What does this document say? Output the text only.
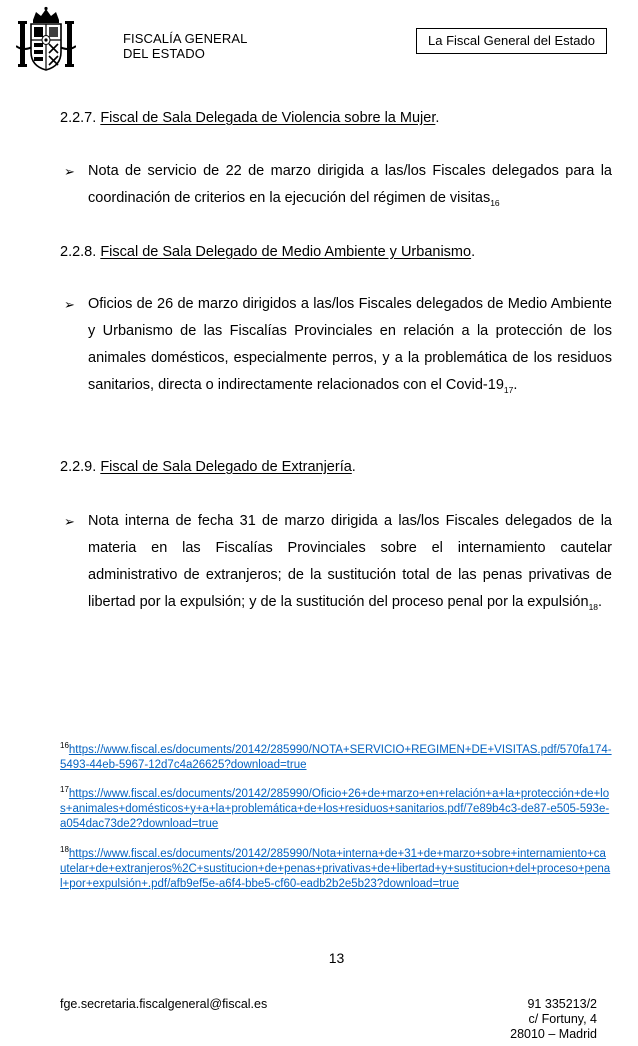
FISCALÍA GENERAL
DEL ESTADO
La Fiscal General del Estado
2.2.7. Fiscal de Sala Delegada de Violencia sobre la Mujer.
➢ Nota de servicio de 22 de marzo dirigida a las/los Fiscales delegados para la coordinación de criterios en la ejecución del régimen de visitas$_{16}$
2.2.8. Fiscal de Sala Delegado de Medio Ambiente y Urbanismo.
➢ Oficios de 26 de marzo dirigidos a las/los Fiscales delegados de Medio Ambiente y Urbanismo de las Fiscalías Provinciales en relación a la protección de los animales domésticos, especialmente perros, y a la problemática de los residuos sanitarios, directa o indirectamente relacionados con el Covid-$19_{17}$.
2.2.9. Fiscal de Sala Delegado de Extranjería.
➢ Nota interna de fecha 31 de marzo dirigida a las/los Fiscales delegados de la materia en las Fiscalías Provinciales sobre el internamiento cautelar administrativo de extranjeros; de la sustitución total de las penas privativas de libertad por la expulsión; y de la sustitución del proceso penal por la expulsión$_{18}$.
$^{16}$https://www.fiscal.es/documents/20142/285990/NOTA+SERVICIO+REGIMEN+DE+VISITAS.pdf/570fa174-5493-44eb-5967-12d7c4a26625?download=true
$^{17}$https://www.fiscal.es/documents/20142/285990/Oficio+26+de+marzo+en+relación+a+la+protección+de+los+animales+domésticos+y+a+la+problemática+de+los+residuos+sanitarios.pdf/7e89b4c3-de87-e505-593e-a054dac73de2?download=true
$^{18}$https://www.fiscal.es/documents/20142/285990/Nota+interna+de+31+de+marzo+sobre+internamiento+cautelar+de+extranjeros%2C+sustitucion+de+penas+privativas+de+libertad+y+sustitucion+del+proceso+penal+por+expulsión+.pdf/afb9ef5e-a6f4-bbe5-cf60-eadb2b2e5b23?download=true
13
fge.secretaria.fiscalgeneral@fiscal.es	91 335213/2
c/ Fortuny, 4
28010 – Madrid
